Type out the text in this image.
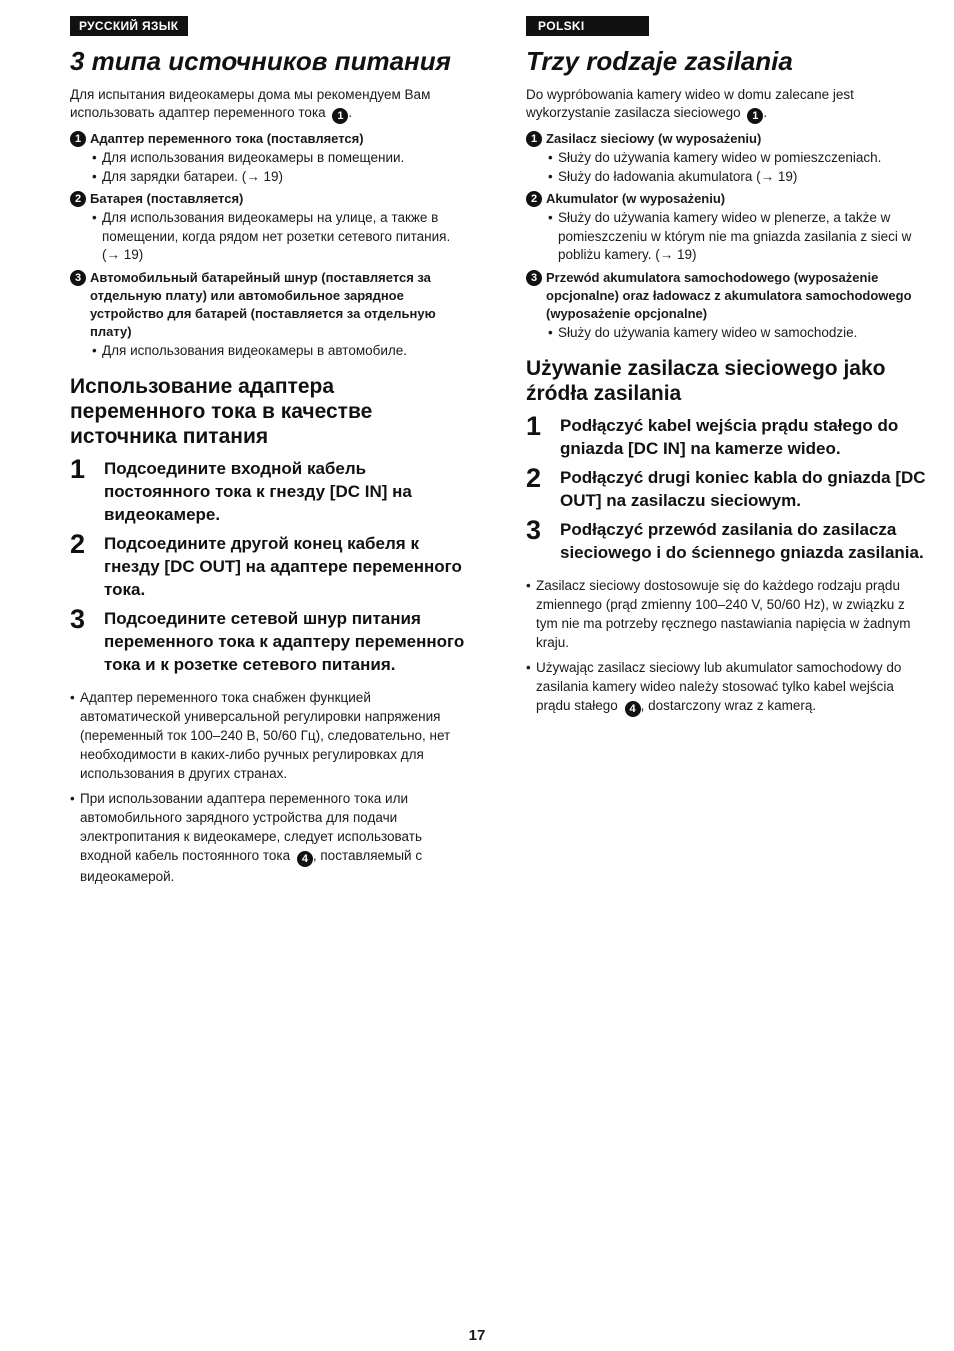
РУССКИЙ ЯЗЫК
3 типа источников питания

Для испытания видеокамеры дома мы рекомендуем Вам использовать адаптер переменного тока 1 .

1 Адаптер переменного тока (поставляется)
• Для использования видеокамеры в помещении.
• Для зарядки батареи. (→ 19)
2 Батарея (поставляется)
• Для использования видеокамеры на улице, а также в помещении, когда рядом нет розетки сетевого питания. (→ 19)
3 Автомобильный батарейный шнур (поставляется за отдельную плату) или автомобильное зарядное устройство для батарей (поставляется за отдельную плату)
• Для использования видеокамеры в автомобиле.
Использование адаптера переменного тока в качестве источника питания
1	Подсоедините входной кабель постоянного тока к гнезду [DC IN] на видеокамере.
2	Подсоедините другой конец кабеля к гнезду [DC OUT] на адаптере переменного тока.
3	Подсоедините сетевой шнур питания переменного тока к адаптеру переменного тока и к розетке сетевого питания.
• Адаптер переменного тока снабжен функцией автоматической универсальной регулировки напряжения (переменный ток 100–240 В, 50/60 Гц), следовательно, нет необходимости в каких-либо ручных регулировках для использования в других странах.
• При использовании адаптера переменного тока или автомобильного зарядного устройства для подачи электропитания к видеокамере, следует использовать входной кабель постоянного тока 4 , поставляемый с видеокамерой.
POLSKI
Trzy rodzaje zasilania

Do wypróbowania kamery wideo w domu zalecane jest wykorzystanie zasilacza sieciowego 1 .

1 Zasilacz sieciowy (w wyposażeniu)
• Służy do używania kamery wideo w pomieszczeniach.
• Służy do ładowania akumulatora (→ 19)
2 Akumulator (w wyposażeniu)
• Służy do używania kamery wideo w plenerze, a także w pomieszczeniu w którym nie ma gniazda zasilania z sieci w pobliżu kamery. (→ 19)
3 Przewód akumulatora samochodowego (wyposażenie opcjonalne) oraz ładowacz z akumulatora samochodowego (wyposażenie opcjonalne)
• Służy do używania kamery wideo w samochodzie.
Używanie zasilacza sieciowego jako źródła zasilania
1	Podłączyć kabel wejścia prądu stałego do gniazda [DC IN] na kamerze wideo.
2	Podłączyć drugi koniec kabla do gniazda [DC OUT] na zasilaczu sieciowym.
3	Podłączyć przewód zasilania do zasilacza sieciowego i do ściennego gniazda zasilania.
• Zasilacz sieciowy dostosowuje się do każdego rodzaju prądu zmiennego (prąd zmienny 100–240 V, 50/60 Hz), w związku z tym nie ma potrzeby ręcznego nastawiania napięcia w żadnym kraju.
• Używając zasilacz sieciowy lub akumulator samochodowy do zasilania kamery wideo należy stosować tylko kabel wejścia prądu stałego 4 , dostarczony wraz z kamerą.
17
